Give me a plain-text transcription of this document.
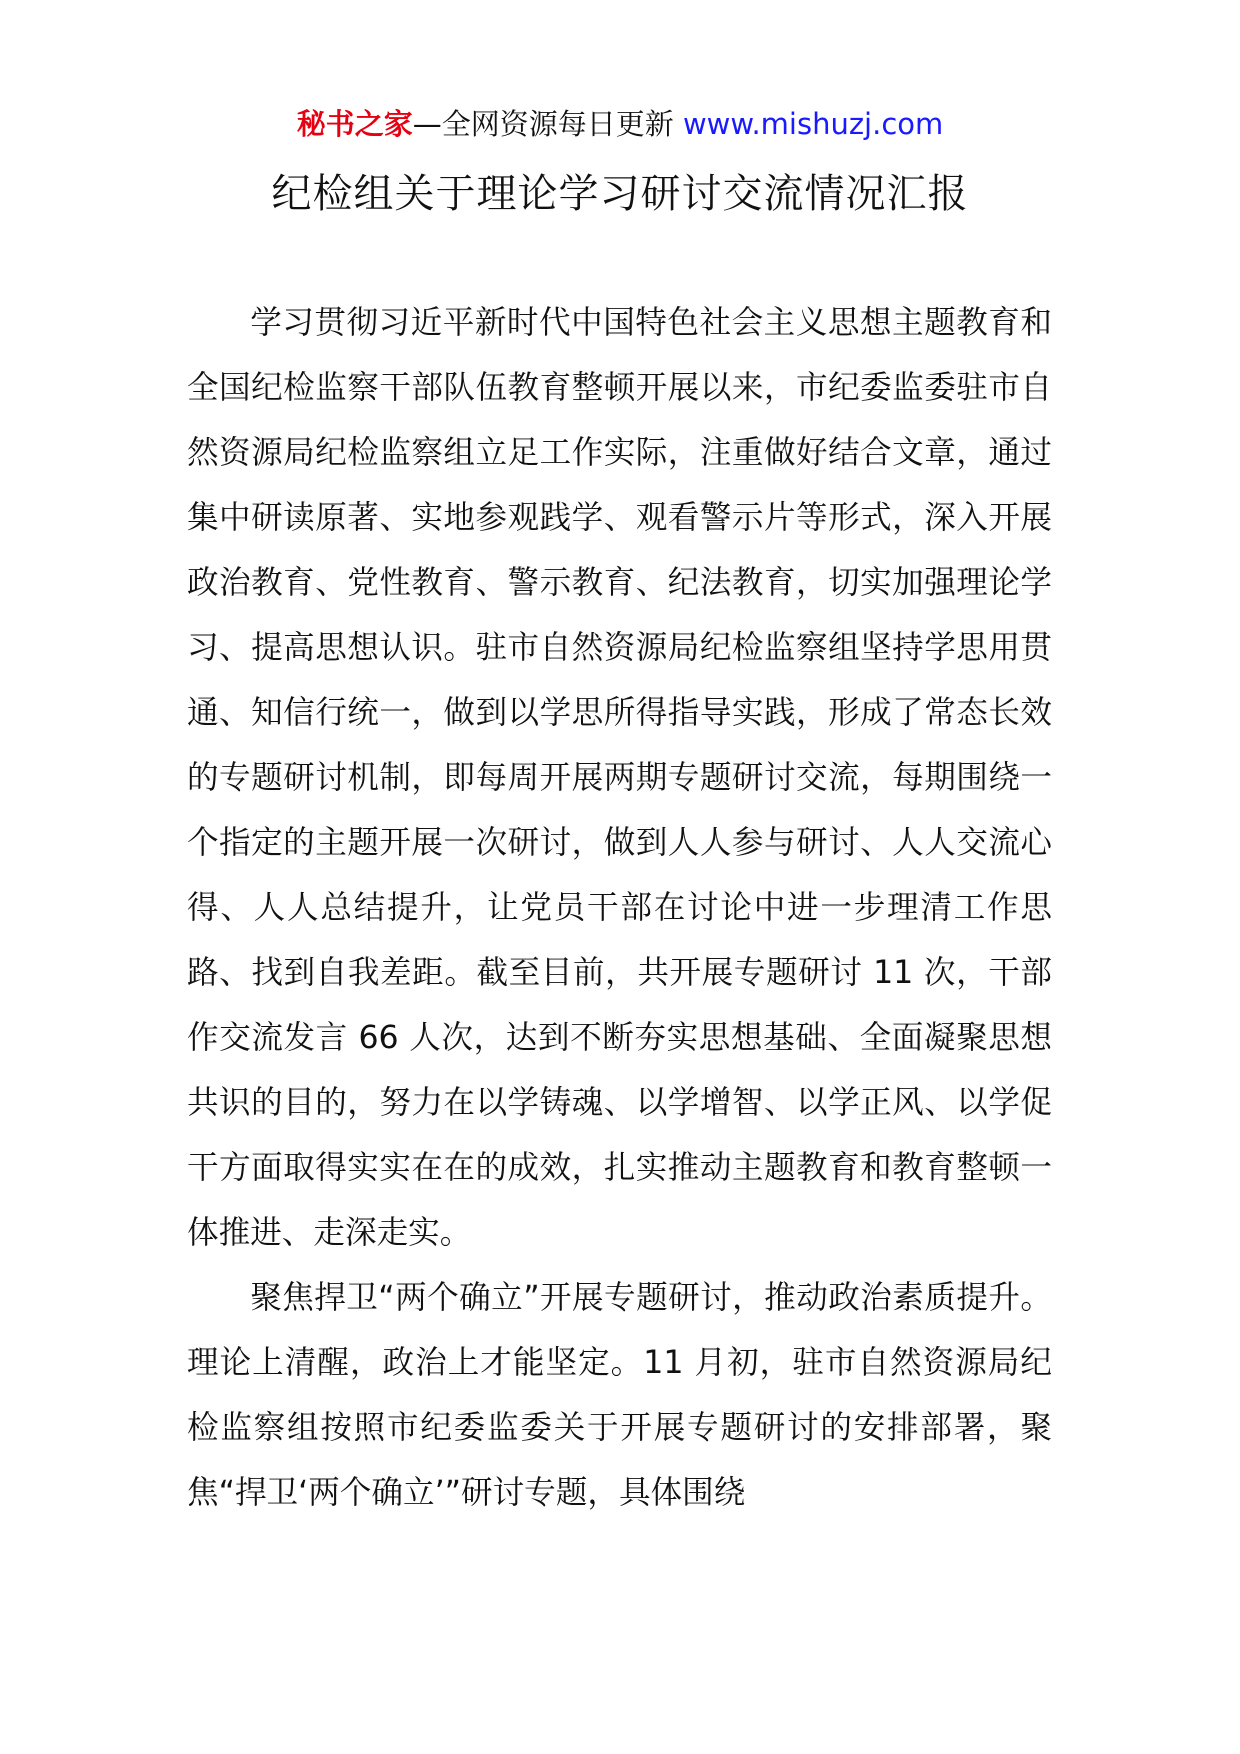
秘书之家—全网资源每日更新 www.mishuzj.com
纪检组关于理论学习研讨交流情况汇报

学习贯彻习近平新时代中国特色社会主义思想主题教育和全国纪检监察干部队伍教育整顿开展以来，市纪委监委驻市自然资源局纪检监察组立足工作实际，注重做好结合文章，通过集中研读原著、实地参观践学、观看警示片等形式，深入开展政治教育、党性教育、警示教育、纪法教育，切实加强理论学习、提高思想认识。驻市自然资源局纪检监察组坚持学思用贯通、知信行统一，做到以学思所得指导实践，形成了常态长效的专题研讨机制，即每周开展两期专题研讨交流，每期围绕一个指定的主题开展一次研讨，做到人人参与研讨、人人交流心得、人人总结提升，让党员干部在讨论中进一步理清工作思路、找到自我差距。截至目前，共开展专题研讨 11 次，干部作交流发言 66 人次，达到不断夯实思想基础、全面凝聚思想共识的目的，努力在以学铸魂、以学增智、以学正风、以学促干方面取得实实在在的成效，扎实推动主题教育和教育整顿一体推进、走深走实。

聚焦捍卫“两个确立”开展专题研讨，推动政治素质提升。理论上清醒，政治上才能坚定。11 月初，驻市自然资源局纪检监察组按照市纪委监委关于开展专题研讨的安排部署，聚焦“捍卫‘两个确立’”研讨专题，具体围绕
